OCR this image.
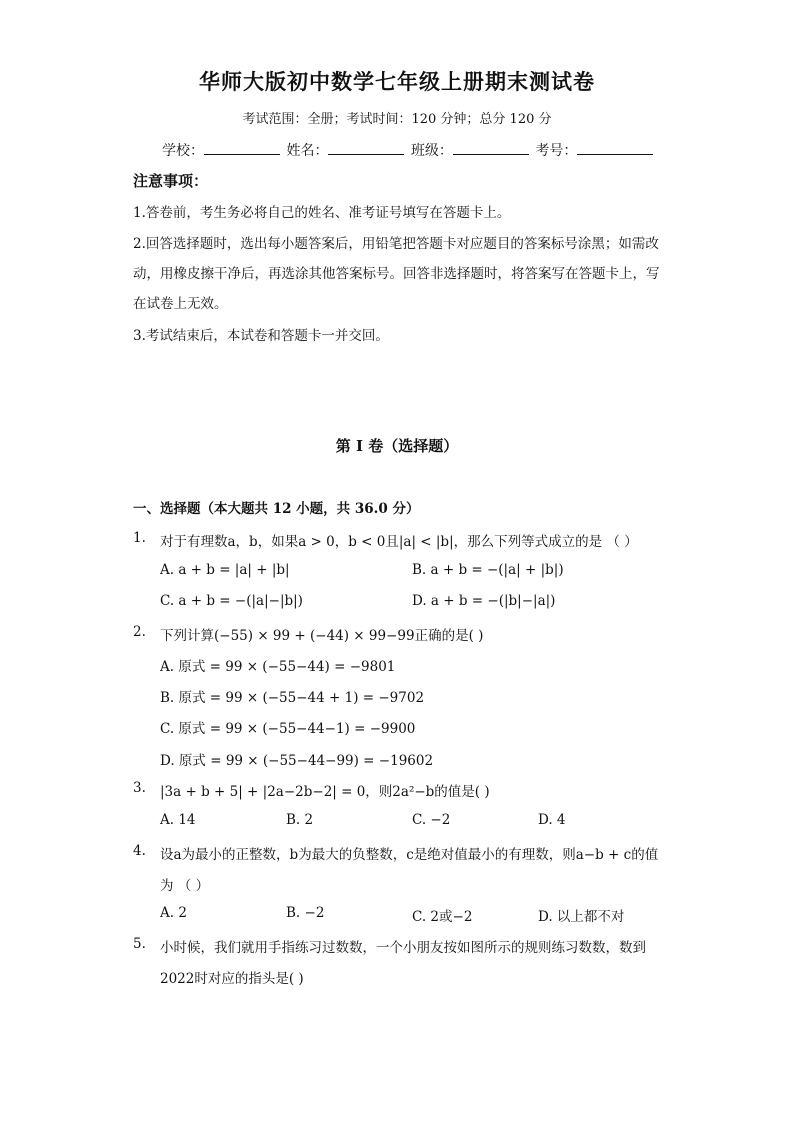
华师大版初中数学七年级上册期末测试卷
考试范围：全册；考试时间：120 分钟；总分 120 分
学校：	姓名：	班级：	考号：
注意事项：
1.答卷前，考生务必将自己的姓名、准考证号填写在答题卡上。
2.回答选择题时，选出每小题答案后，用铅笔把答题卡对应题目的答案标号涂黑；如需改动，用橡皮擦干净后，再选涂其他答案标号。回答非选择题时，将答案写在答题卡上，写在试卷上无效。
3.考试结束后，本试卷和答题卡一并交回。
第 I 卷（选择题）
一、选择题（本大题共 12 小题，共 36.0 分）
1. 对于有理数a，b，如果a > 0，b < 0且|a| < |b|，那么下列等式成立的是 （ ）
A. a + b = |a| + |b|	B. a + b = −(|a| + |b|)
C. a + b = −(|a|−|b|)	D. a + b = −(|b|−|a|)
2. 下列计算(−55) × 99 + (−44) × 99−99正确的是( )
A. 原式 = 99 × (−55−44) = −9801
B. 原式 = 99 × (−55−44 + 1) = −9702
C. 原式 = 99 × (−55−44−1) = −9900
D. 原式 = 99 × (−55−44−99) = −19602
3. |3a + b + 5| + |2a−2b−2| = 0，则2a²−b的值是( )
A. 14	B. 2	C. −2	D. 4
4. 设a为最小的正整数，b为最大的负整数，c是绝对值最小的有理数，则a−b + c的值
为 （ ）
A. 2	B. −2	C. 2或−2	D. 以上都不对
5. 小时候，我们就用手指练习过数数，一个小朋友按如图所示的规则练习数数，数到
2022时对应的指头是( )
